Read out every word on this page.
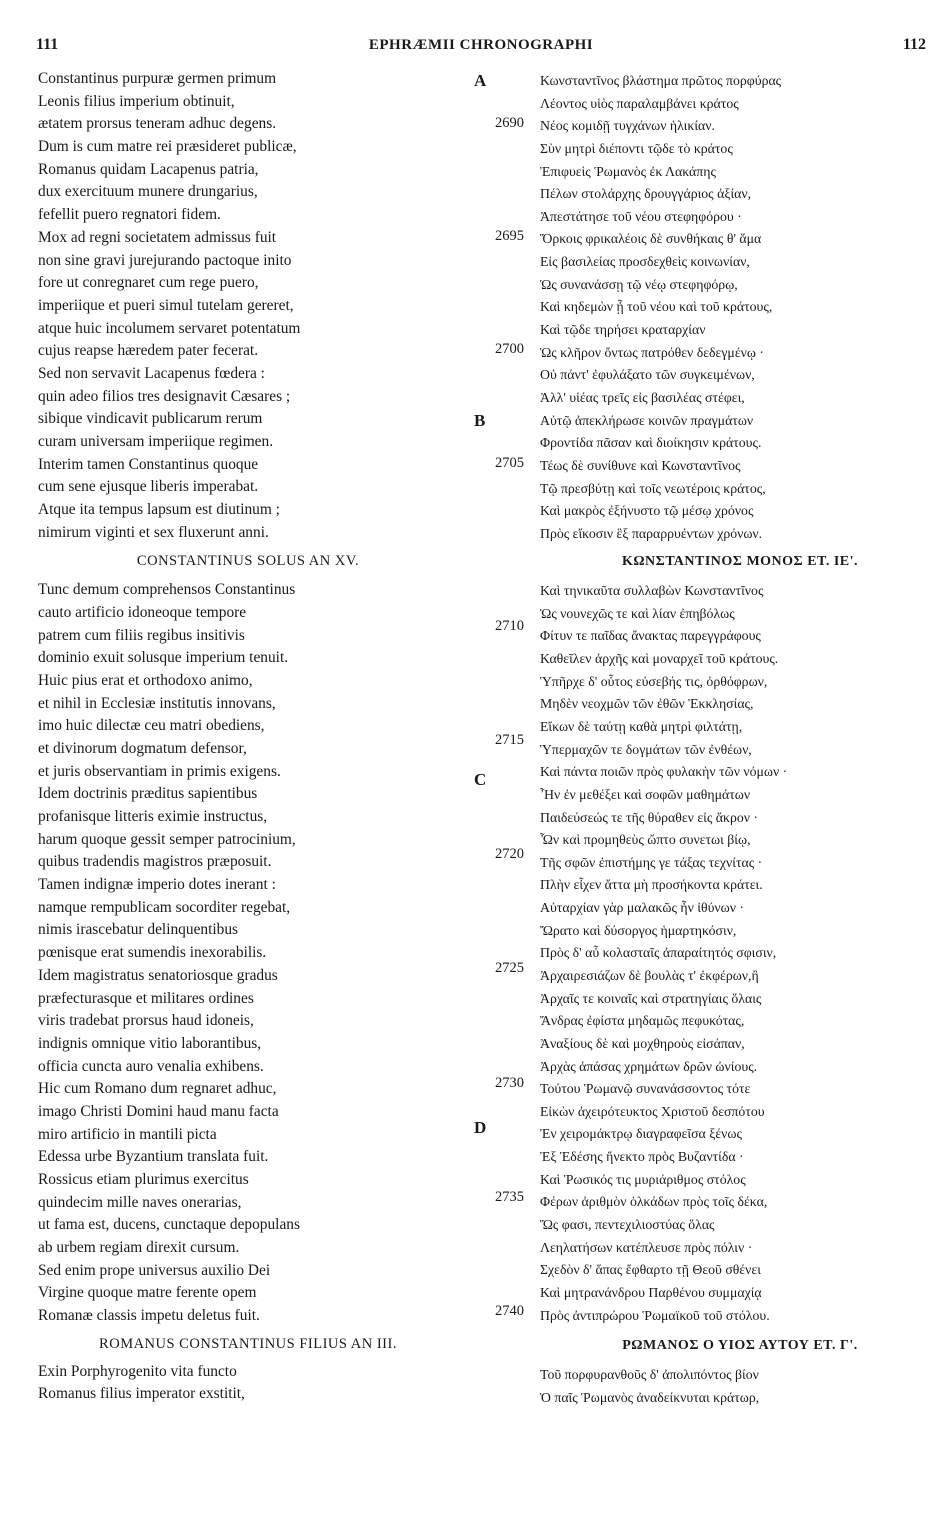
111	EPHRÆMII CHRONOGRAPHI	112
Constantinus purpuræ germen primum
Leonis filius imperium obtinuit,
ætatem prorsus teneram adhuc degens.
Dum is cum matre rei præsideret publicæ,
Romanus quidam Lacapenus patria,
dux exercituum munere drungarius,
fefellit puero regnatori fidem.
Mox ad regni societatem admissus fuit
non sine gravi jurejurando pactoque inito
fore ut conregnaret cum rege puero,
imperiique et pueri simul tutelam gereret,
atque huic incolumem servaret potentatum
cujus reapse hæredem pater fecerat.
Sed non servavit Lacapenus fœdera :
quin adeo filios tres designavit Cæsares ;
sibique vindicavit publicarum rerum
curam universam imperiique regimen.
Interim tamen Constantinus quoque
cum sene ejusque liberis imperabat.
Atque ita tempus lapsum est diutinum ;
nimirum viginti et sex fluxerunt anni.
CONSTANTINUS SOLUS AN XV.
Tunc demum comprehensos Constantinus
cauto artificio idoneoque tempore
patrem cum filiis regibus insitivis
dominio exuit solusque imperium tenuit.
Huic pius erat et orthodoxo animo,
et nihil in Ecclesiæ institutis innovans,
imo huic dilectæ ceu matri obediens,
et divinorum dogmatum defensor,
et juris observantiam in primis exigens.
Idem doctrinis præditus sapientibus
profanisque litteris eximie instructus,
harum quoque gessit semper patrocinium,
quibus tradendis magistros præposuit.
Tamen indignæ imperio dotes inerant :
namque rempublicam socorditer regebat,
nimis irascebatur delinquentibus
pœnisque erat sumendis inexorabilis.
Idem magistratus senatoriosque gradus
præfecturasque et militares ordines
viris tradebat prorsus haud idoneis,
indignis omnique vitio laborantibus,
officia cuncta auro venalia exhibens.
Hic cum Romano dum regnaret adhuc,
imago Christi Domini haud manu facta
miro artificio in mantili picta
Edessa urbe Byzantium translata fuit.
Rossicus etiam plurimus exercitus
quindecim mille naves onerarias,
ut fama est, ducens, cunctaque depopulans
ab urbem regiam direxit cursum.
Sed enim prope universus auxilio Dei
Virgine quoque matre ferente opem
Romanæ classis impetu deletus fuit.
ROMANUS CONSTANTINUS FILIUS AN III.
Exin Porphyrogenito vita functo
Romanus filius imperator exstitit,
Κωνσταντῖνος βλάστημα πρῶτος πορφύρας
Λέοντος υἱὸς παραλαμβάνει κράτος
Νέος κομιδῇ τυγχάνων ἡλικίαν.
Σὺν μητρὶ διέποντι τῷδε τὸ κράτος
Ἐπιφυεὶς Ῥωμανὸς ἐκ Λακάπης
Πέλων στολάρχης δρουγγάριος ἀξίαν,
Ἀπεστάτησε τοῦ νέου στεφηφόρου ·
Ὅρκοις φρικαλέοις δὲ συνθήκαις θ' ἅμα
Εἰς βασιλείας προσδεχθεὶς κοινωνίαν,
Ὡς συνανάσσῃ τῷ νέῳ στεφηφόρῳ,
Καὶ κηδεμὼν ᾖ τοῦ νέου καὶ τοῦ κράτους,
Καὶ τῷδε τηρήσει κραταρχίαν
Ὡς κλῆρον ὄντως πατρόθεν δεδεγμένῳ ·
Οὐ πάντ' ἐφυλάξατο τῶν συγκειμένων,
Ἀλλ' υἱέας τρεῖς εἰς βασιλέας στέφει,
Αὐτῷ ἀπεκλήρωσε κοινῶν πραγμάτων
Φροντίδα πᾶσαν καὶ διοίκησιν κράτους.
Τέως δὲ συνίθυνε καὶ Κωνσταντῖνος
Τῷ πρεσβύτῃ καὶ τοῖς νεωτέροις κράτος,
Καὶ μακρὸς ἐξήνυστο τῷ μέσῳ χρόνος
Πρὸς εἴκοσιν ἓξ παραρρυέντων χρόνων.
ΚΩΝΣΤΑΝΤΙΝΟΣ ΜΟΝΟΣ ΕΤ. ΙΕ'.
Καὶ τηνικαῦτα συλλαβὼν Κωνσταντῖνος
Ὡς νουνεχῶς τε καὶ λίαν ἐπηβόλως
Φίτυν τε παῖδας ἄνακτας παρεγγράφους
Καθεῖλεν ἀρχῆς καὶ μοναρχεῖ τοῦ κράτους.
Ὑπῆρχε δ' οὗτος εὐσεβής τις, ὀρθόφρων,
Μηδὲν νεοχμῶν τῶν ἐθῶν Ἐκκλησίας,
Εἴκων δὲ ταύτῃ καθὰ μητρὶ φιλτάτῃ,
Ὑπερμαχῶν τε δογμάτων τῶν ἐνθέων,
Καὶ πάντα ποιῶν πρὸς φυλακὴν τῶν νόμων ·
Ἦν ἐν μεθέξει καὶ σοφῶν μαθημάτων
Παιδεύσεώς τε τῆς θύραθεν εἰς ἄκρον ·
Ὧν καὶ προμηθεὺς ὤπτο συνετωι βίῳ,
Τῆς σφῶν ἐπιστήμης γε τάξας τεχνίτας ·
Πλὴν εἶχεν ἄττα μὴ προσήκοντα κράτει.
Αὐταρχίαν γὰρ μαλακῶς ἦν ἰθύνων ·
Ὤρατο καὶ δύσοργος ἡμαρτηκόσιν,
Πρὸς δ' αὖ κολασταῖς ἀπαραίτητός σφισιν,
Ἀρχαιρεσιάζων δὲ βουλὰς τ' ἐκφέρων,ἢ
Ἀρχαῖς τε κοιναῖς καὶ στρατηγίαις ὅλαις
Ἄνδρας ἐφίστα μηδαμῶς πεφυκότας,
Ἀναξίους δὲ καὶ μοχθηροὺς εἰσάπαν,
Ἀρχὰς ἁπάσας χρημάτων δρῶν ὠνίους.
Τούτου Ῥωμανῷ συνανάσσοντος τότε
Εἰκὼν ἀχειρότευκτος Χριστοῦ δεσπότου
Ἐν χειρομάκτρῳ διαγραφεῖσα ξένως
Ἐξ Ἐδέσης ἥνεκτο πρὸς Βυζαντίδα ·
Καὶ Ῥωσικός τις μυριάριθμος στόλος
Φέρων ἀριθμὸν ὁλκάδων πρὸς τοῖς δέκα,
Ὥς φασι, πεντεχιλιοστύας ὅλας
Λεηλατήσων κατέπλευσε πρὸς πόλιν ·
Σχεδὸν δ' ἅπας ἔφθαρτο τῇ Θεοῦ σθένει
Καὶ μητρανάνδρου Παρθένου συμμαχίᾳ
Πρὸς ἀντιπρώρου Ῥωμαϊκοῦ τοῦ στόλου.
ΡΩΜΑΝΟΣ Ο ΥΙΟΣ ΑΥΤΟΥ ΕΤ. Γ'.
Τοῦ πορφυρανθοῦς δ' ἀπολιπόντος βίον
Ὁ παῖς Ῥωμανὸς ἀναδείκνυται κράτωρ,
2690
2695
2700
2705
2710
2715
2720
2725
2730
2735
2740
A
B
C
D
